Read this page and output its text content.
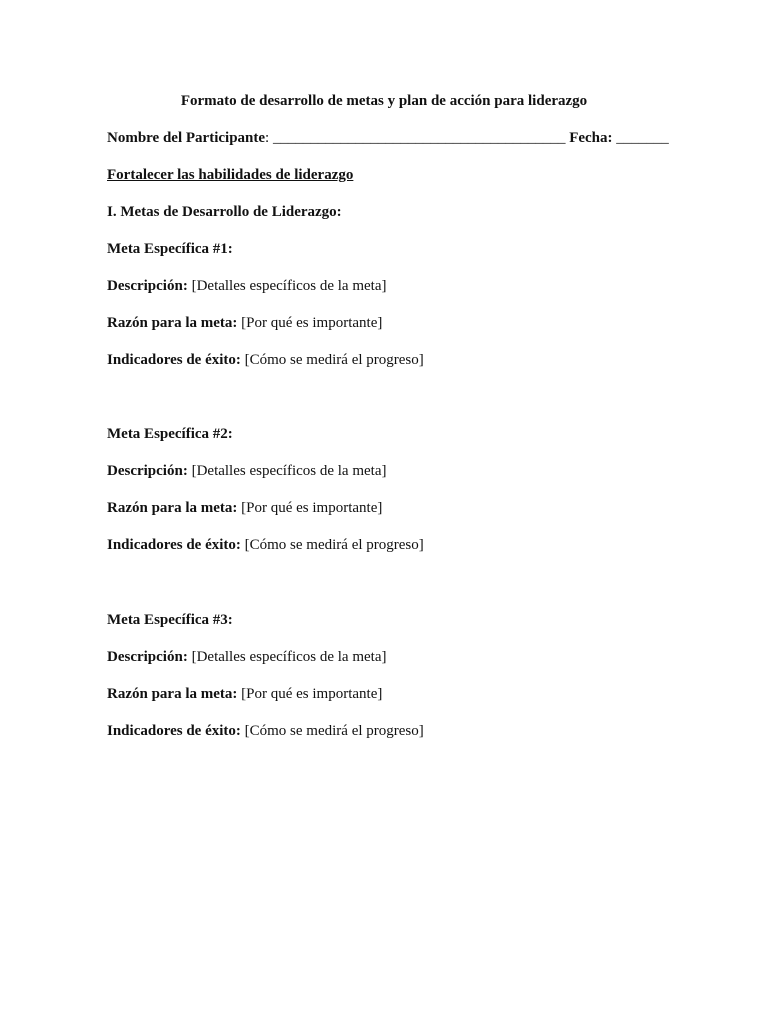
Formato de desarrollo de metas y plan de acción para liderazgo
Nombre del Participante: _______________________________________ Fecha: _______
Fortalecer las habilidades de liderazgo
I. Metas de Desarrollo de Liderazgo:
Meta Específica #1:
Descripción: [Detalles específicos de la meta]
Razón para la meta: [Por qué es importante]
Indicadores de éxito: [Cómo se medirá el progreso]
Meta Específica #2:
Descripción: [Detalles específicos de la meta]
Razón para la meta: [Por qué es importante]
Indicadores de éxito: [Cómo se medirá el progreso]
Meta Específica #3:
Descripción: [Detalles específicos de la meta]
Razón para la meta: [Por qué es importante]
Indicadores de éxito: [Cómo se medirá el progreso]
